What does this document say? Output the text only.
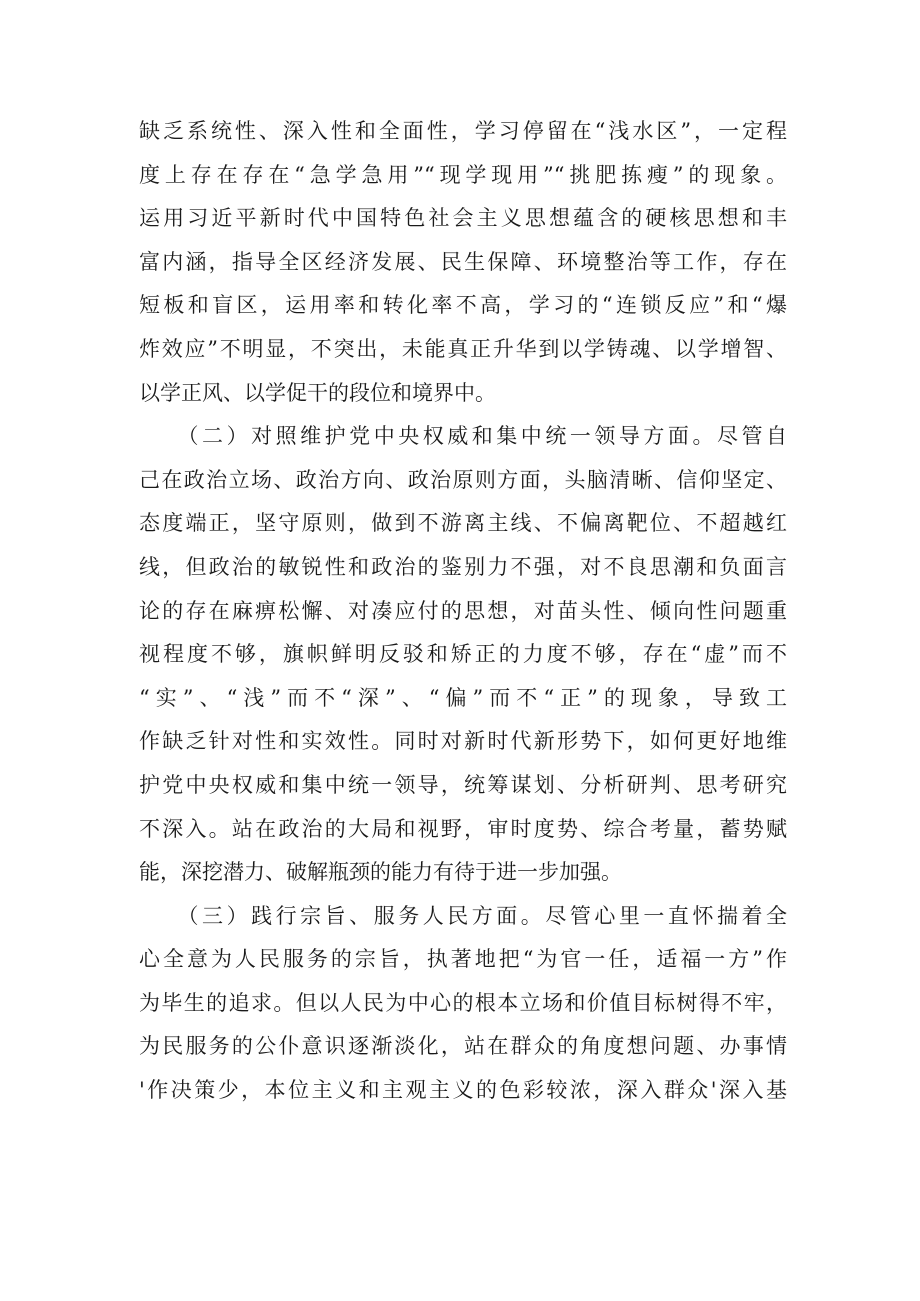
缺乏系统性、深入性和全面性，学习停留在“浅水区”，一定程
度上存在存在“急学急用”“现学现用”“挑肥拣瘦”的现象。
运用习近平新时代中国特色社会主义思想蕴含的硬核思想和丰
富内涵，指导全区经济发展、民生保障、环境整治等工作，存在
短板和盲区，运用率和转化率不高，学习的“连锁反应”和“爆
炸效应”不明显，不突出，未能真正升华到以学铸魂、以学增智、
以学正风、以学促干的段位和境界中。
　　（二）对照维护党中央权威和集中统一领导方面。尽管自
己在政治立场、政治方向、政治原则方面，头脑清晰、信仰坚定、
态度端正，坚守原则，做到不游离主线、不偏离靶位、不超越红
线，但政治的敏锐性和政治的鉴别力不强，对不良思潮和负面言
论的存在麻痹松懈、对凑应付的思想，对苗头性、倾向性问题重
视程度不够，旗帜鲜明反驳和矫正的力度不够，存在“虚”而不
“实”、“浅”而不“深”、“偏”而不“正”的现象，导致工
作缺乏针对性和实效性。同时对新时代新形势下，如何更好地维
护党中央权威和集中统一领导，统筹谋划、分析研判、思考研究
不深入。站在政治的大局和视野，审时度势、综合考量，蓄势赋
能，深挖潜力、破解瓶颈的能力有待于进一步加强。
　　（三）践行宗旨、服务人民方面。尽管心里一直怀揣着全
心全意为人民服务的宗旨，执著地把“为官一任，适福一方”作
为毕生的追求。但以人民为中心的根本立场和价值目标树得不牢，
为民服务的公仆意识逐渐淡化，站在群众的角度想问题、办事情
'作决策少，本位主义和主观主义的色彩较浓，深入群众'深入基
